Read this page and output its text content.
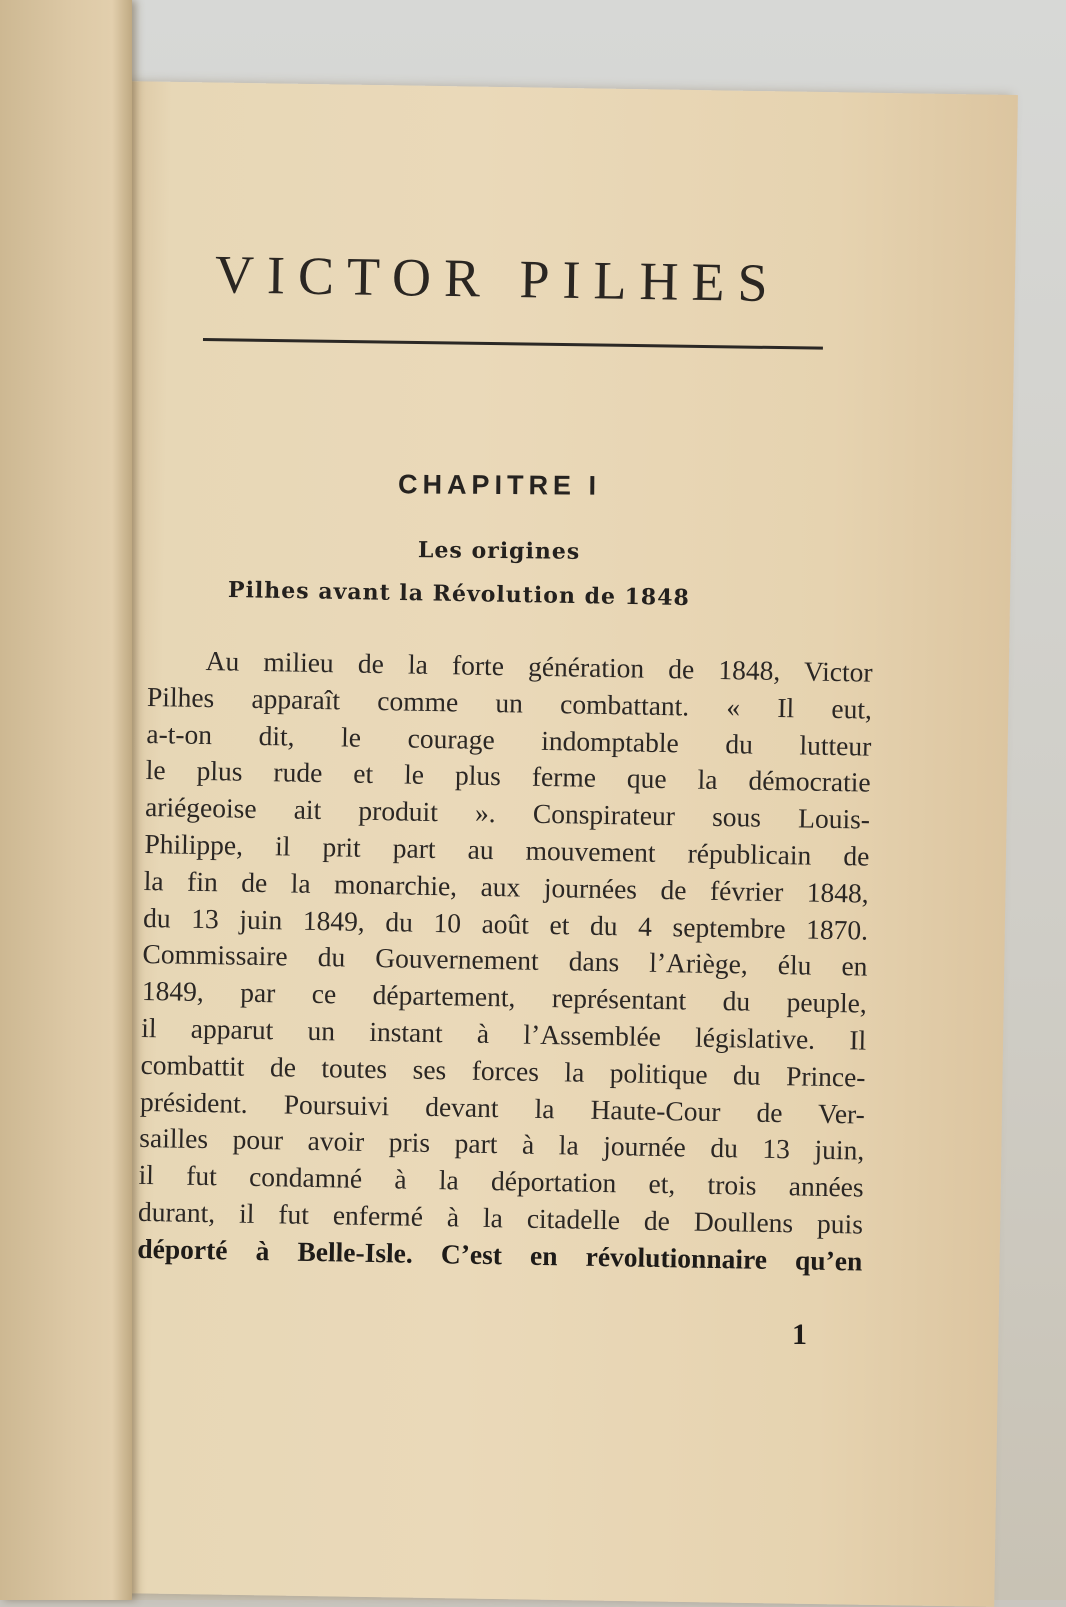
VICTOR PILHES
CHAPITRE I
Les origines
Pilhes avant la Révolution de 1848
Au milieu de la forte génération de 1848, Victor
Pilhes apparaît comme un combattant. « Il eut,
a-t-on dit, le courage indomptable du lutteur
le plus rude et le plus ferme que la démocratie
ariégeoise ait produit ». Conspirateur sous Louis-
Philippe, il prit part au mouvement républicain de
la fin de la monarchie, aux journées de février 1848,
du 13 juin 1849, du 10 août et du 4 septembre 1870.
Commissaire du Gouvernement dans l’Ariège, élu en
1849, par ce département, représentant du peuple,
il apparut un instant à l’Assemblée législative. Il
combattit de toutes ses forces la politique du Prince-
président. Poursuivi devant la Haute-Cour de Ver-
sailles pour avoir pris part à la journée du 13 juin,
il fut condamné à la déportation et, trois années
durant, il fut enfermé à la citadelle de Doullens puis
déporté à Belle-Isle. C’est en révolutionnaire qu’en
1
